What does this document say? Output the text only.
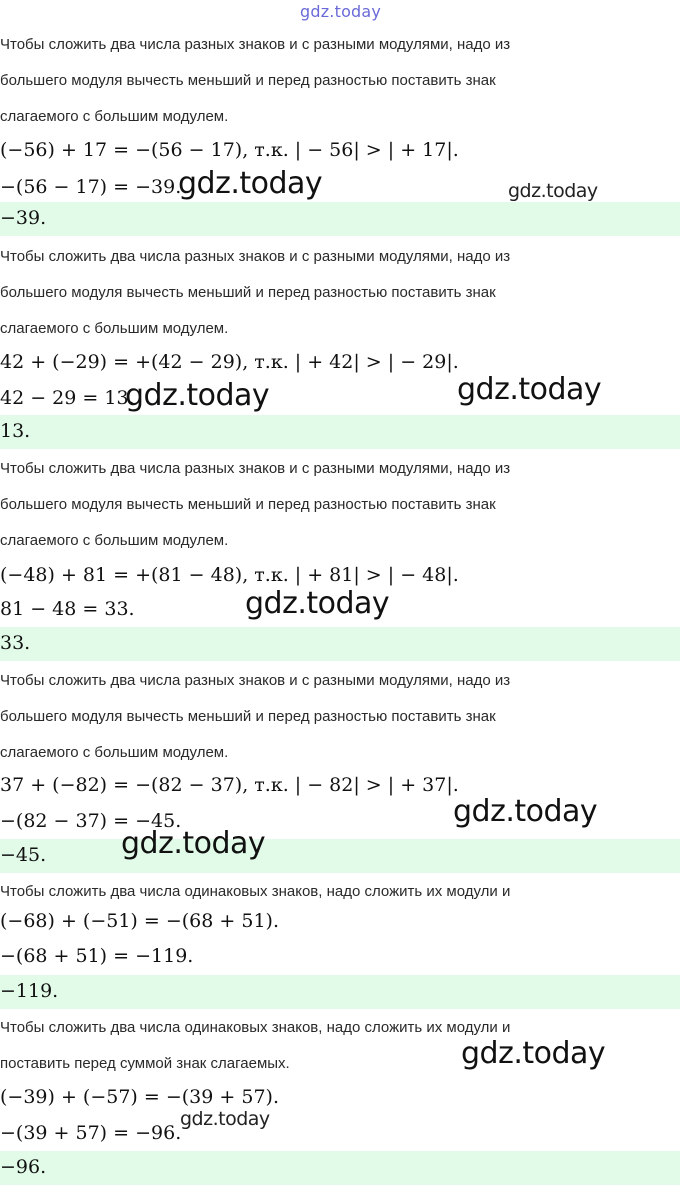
gdz.today
Чтобы сложить два числа разных знаков и с разными модулями, надо из
большего модуля вычесть меньший и перед разностью поставить знак
слагаемого с большим модулем.
(−56) + 17 = −(56 − 17), т.к. | − 56| > | + 17|.
−(56 − 17) = −39.
−39.
gdz.today	gdz.today
Чтобы сложить два числа разных знаков и с разными модулями, надо из
большего модуля вычесть меньший и перед разностью поставить знак
слагаемого с большим модулем.
42 + (−29) = +(42 − 29), т.к. | + 42| > | − 29|.
42 − 29 = 13.
13.
gdz.today	gdz.today
Чтобы сложить два числа разных знаков и с разными модулями, надо из
большего модуля вычесть меньший и перед разностью поставить знак
слагаемого с большим модулем.
(−48) + 81 = +(81 − 48), т.к. | + 81| > | − 48|.
81 − 48 = 33.
33.
gdz.today
Чтобы сложить два числа разных знаков и с разными модулями, надо из
большего модуля вычесть меньший и перед разностью поставить знак
слагаемого с большим модулем.
37 + (−82) = −(82 − 37), т.к. | − 82| > | + 37|.
−(82 − 37) = −45.
−45.
gdz.today
gdz.today
Чтобы сложить два числа одинаковых знаков, надо сложить их модули и
(−68) + (−51) = −(68 + 51).
−(68 + 51) = −119.
−119.
Чтобы сложить два числа одинаковых знаков, надо сложить их модули и
поставить перед суммой знак слагаемых.
(−39) + (−57) = −(39 + 57).
−(39 + 57) = −96.
−96.
gdz.today
gdz.today
